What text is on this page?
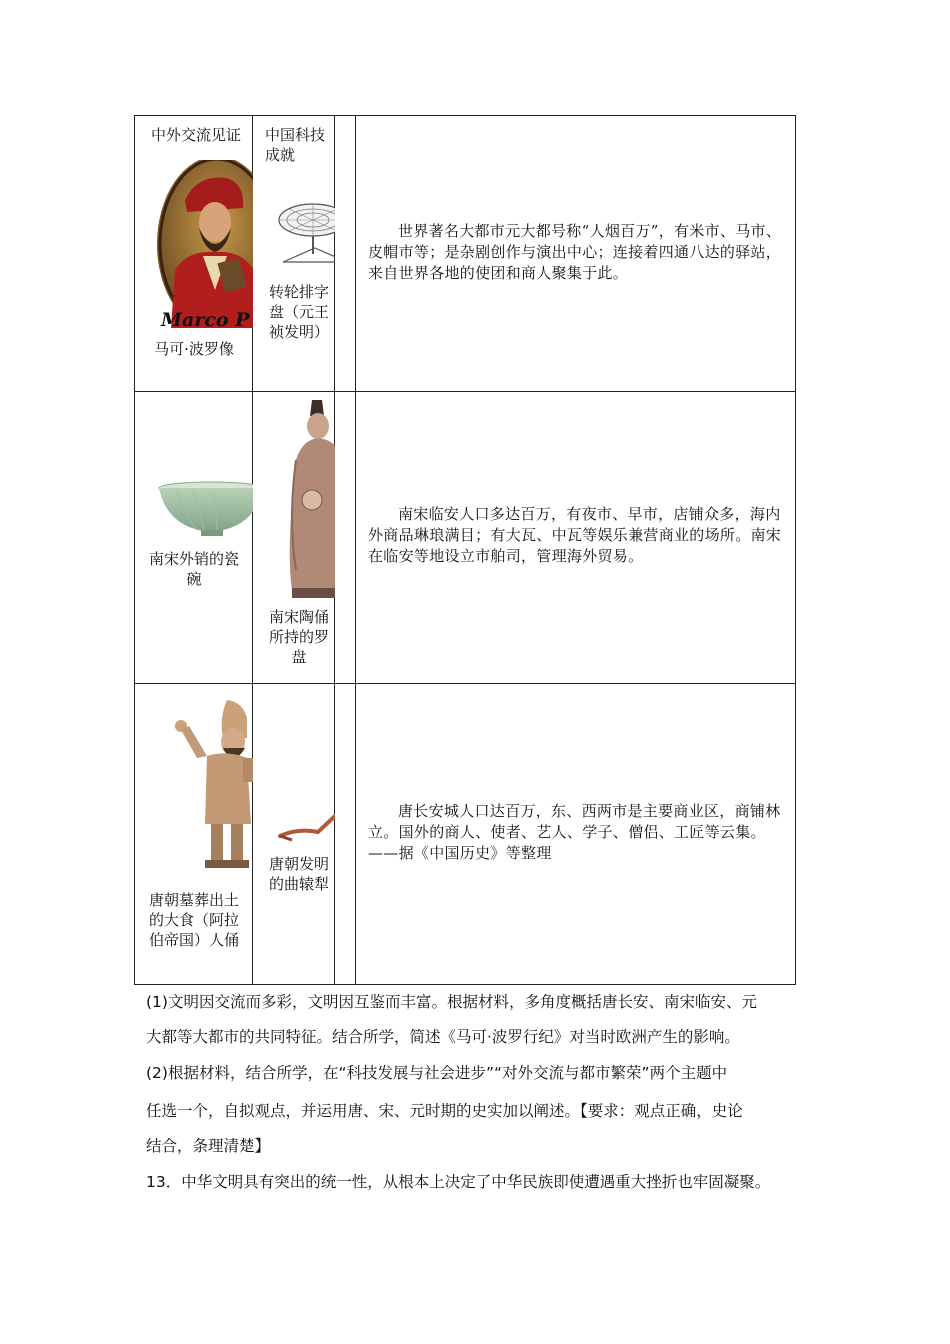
中外交流见证	中国科技成就
Marco P
马可·波罗像
转轮排字盘（元王祯发明）
世界著名大都市元大都号称“人烟百万”，有米市、马市、皮帽市等；是杂剧创作与演出中心；连接着四通八达的驿站，来自世界各地的使团和商人聚集于此。
南宋外销的瓷碗
南宋陶俑所持的罗盘
南宋临安人口多达百万，有夜市、早市，店铺众多，海内外商品琳琅满目；有大瓦、中瓦等娱乐兼营商业的场所。南宋在临安等地设立市舶司，管理海外贸易。
唐朝墓葬出土的大食（阿拉伯帝国）人俑
唐朝发明的曲辕犁
唐长安城人口达百万，东、西两市是主要商业区，商铺林立。国外的商人、使者、艺人、学子、僧侣、工匠等云集。——据《中国历史》等整理
(1)文明因交流而多彩，文明因互鉴而丰富。根据材料，多角度概括唐长安、南宋临安、元
大都等大都市的共同特征。结合所学，简述《马可·波罗行纪》对当时欧洲产生的影响。
(2)根据材料，结合所学，在“科技发展与社会进步”“对外交流与都市繁荣”两个主题中
任选一个，自拟观点，并运用唐、宋、元时期的史实加以阐述。【要求：观点正确，史论
结合，条理清楚】
13．中华文明具有突出的统一性，从根本上决定了中华民族即使遭遇重大挫折也牢固凝聚。
